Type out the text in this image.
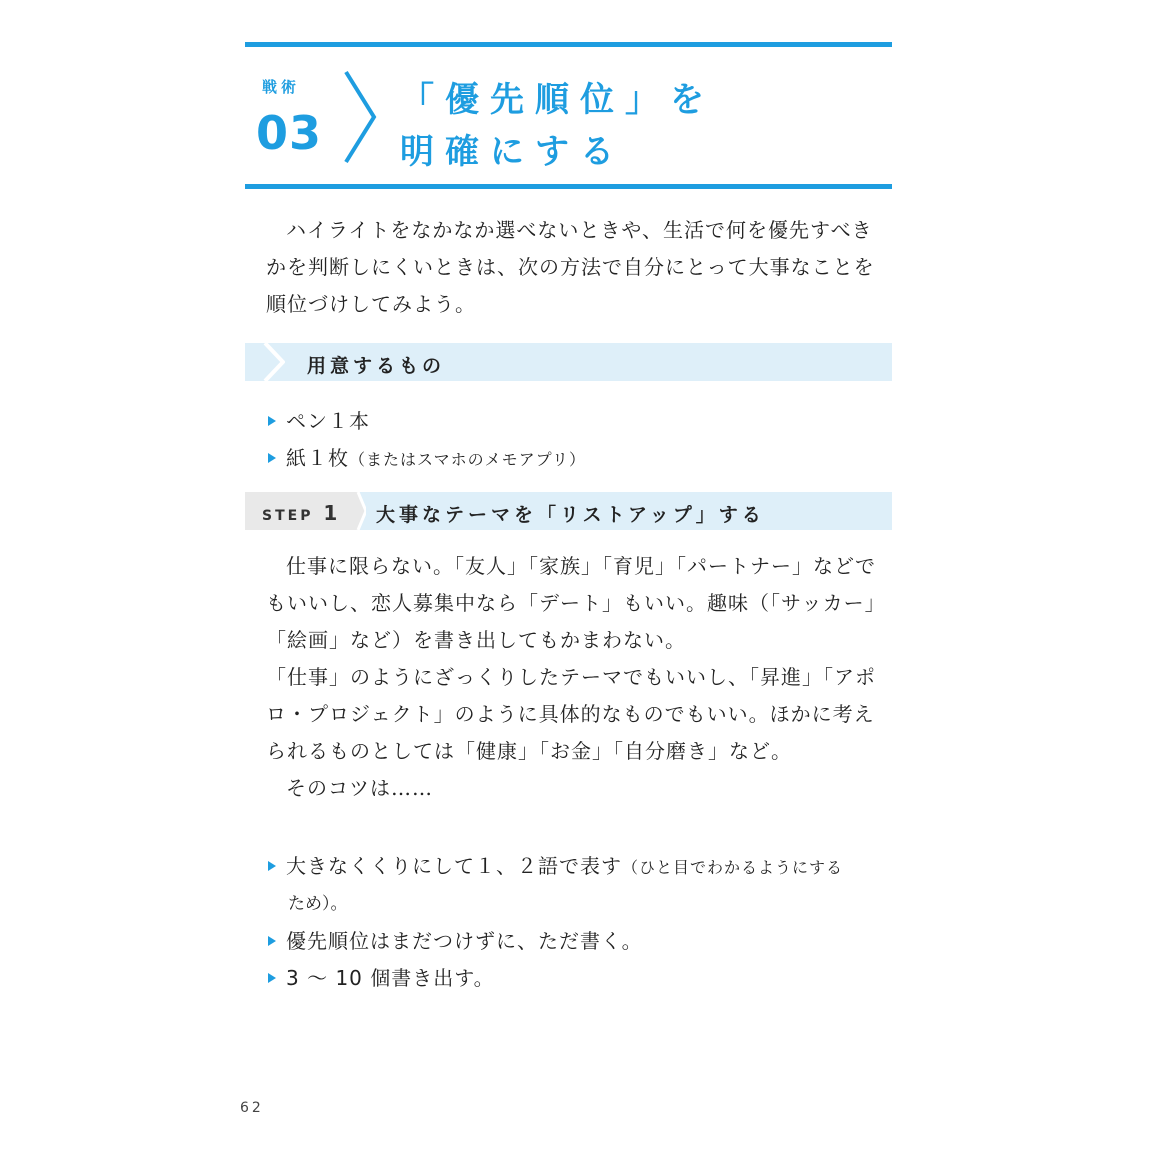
戦術
03
「優先順位」を
明確にする

ハイライトをなかなか選べないときや、生活で何を優先すべきかを判断しにくいときは、次の方法で自分にとって大事なことを順位づけしてみよう。

用意するもの
ペン１本
紙１枚（またはスマホのメモアプリ）
STEP 1 大事なテーマを「リストアップ」する

仕事に限らない。「友人」「家族」「育児」「パートナー」などでもいいし、恋人募集中なら「デート」もいい。趣味（「サッカー」「絵画」など）を書き出してもかまわない。

「仕事」のようにざっくりしたテーマでもいいし、「昇進」「アポロ・プロジェクト」のように具体的なものでもいい。ほかに考えられるものとしては「健康」「お金」「自分磨き」など。

そのコツは……

大きなくくりにして１、２語で表す（ひと目でわかるようにする
ため）。
優先順位はまだつけずに、ただ書く。
3 ～ 10 個書き出す。
62
